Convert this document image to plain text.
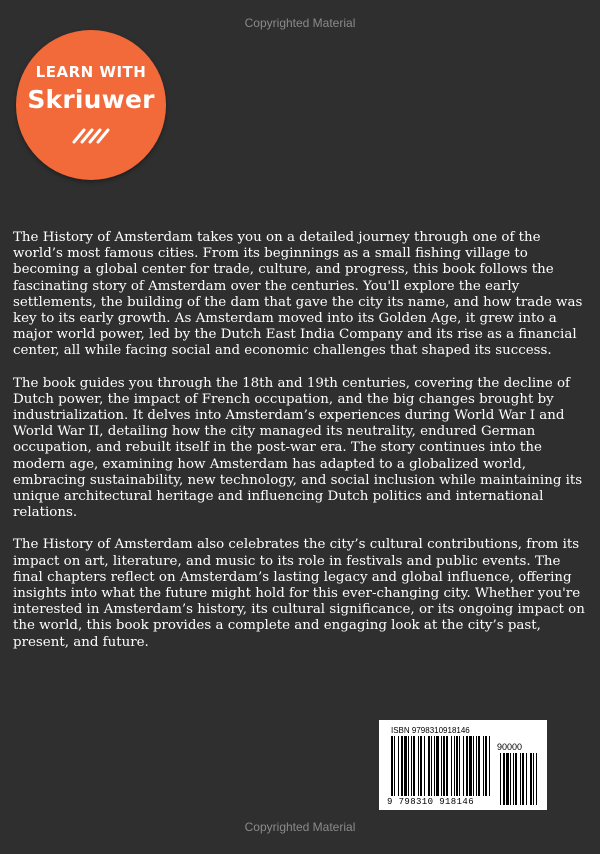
Copyrighted Material
LEARN WITH
Skriuwer

The History of Amsterdam takes you on a detailed journey through one of the world’s most famous cities. From its beginnings as a small fishing village to becoming a global center for trade, culture, and progress, this book follows the fascinating story of Amsterdam over the centuries. You'll explore the early settlements, the building of the dam that gave the city its name, and how trade was key to its early growth. As Amsterdam moved into its Golden Age, it grew into a major world power, led by the Dutch East India Company and its rise as a financial center, all while facing social and economic challenges that shaped its success.

The book guides you through the 18th and 19th centuries, covering the decline of Dutch power, the impact of French occupation, and the big changes brought by industrialization. It delves into Amsterdam’s experiences during World War I and World War II, detailing how the city managed its neutrality, endured German occupation, and rebuilt itself in the post-war era. The story continues into the modern age, examining how Amsterdam has adapted to a globalized world, embracing sustainability, new technology, and social inclusion while maintaining its unique architectural heritage and influencing Dutch politics and international relations.

The History of Amsterdam also celebrates the city’s cultural contributions, from its impact on art, literature, and music to its role in festivals and public events. The final chapters reflect on Amsterdam’s lasting legacy and global influence, offering insights into what the future might hold for this ever-changing city. Whether you're interested in Amsterdam’s history, its cultural significance, or its ongoing impact on the world, this book provides a complete and engaging look at the city’s past, present, and future.

ISBN 9798310918146
90000
9 798310 918146
Copyrighted Material
